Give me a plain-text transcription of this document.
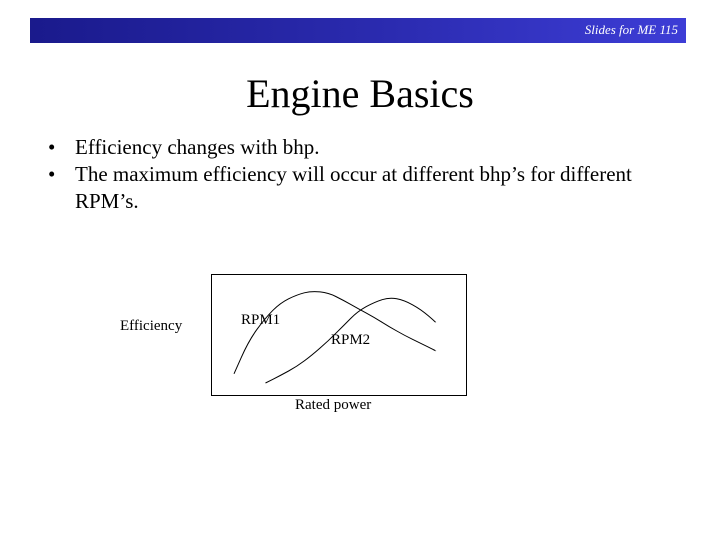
Slides for ME 115
Engine Basics
• Efficiency changes with bhp.
• The maximum efficiency will occur at different bhp’s for different RPM’s.
Efficiency	RPM1
RPM2
Rated power
